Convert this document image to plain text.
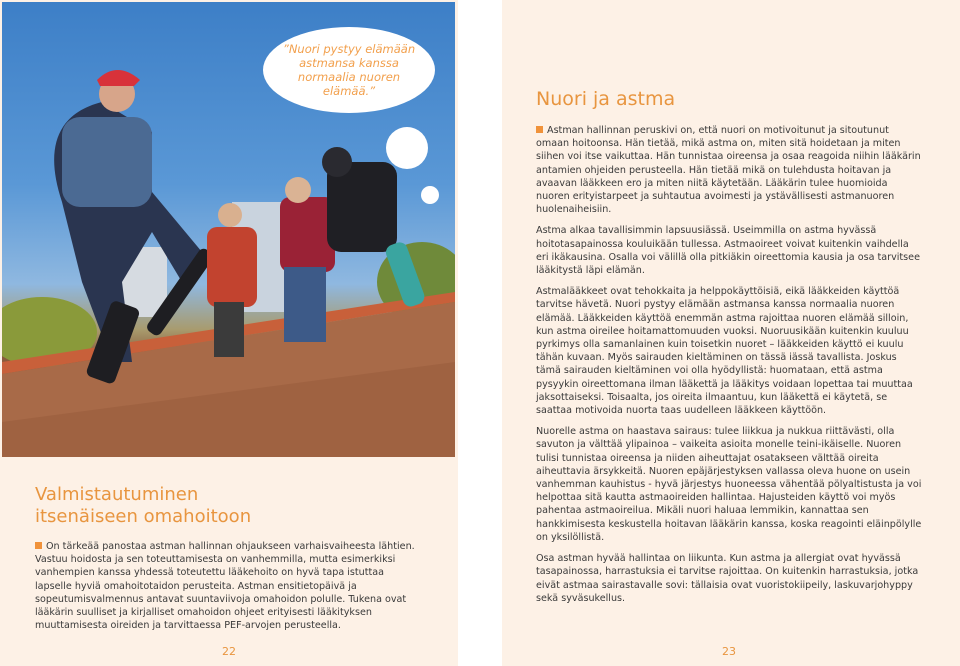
”Nuori pystyy elämään astmansa kanssa normaalia nuoren elämää.”
Valmistautuminen
itsenäiseen omahoitoon
On tärkeää panostaa astman hallinnan ohjaukseen varhaisvaiheesta lähtien. Vastuu hoidosta ja sen toteuttamisesta on vanhemmilla, mutta esimerkiksi vanhempien kanssa yhdessä toteutettu lääkehoito on hyvä tapa istuttaa lapselle hyviä omahoitotaidon perusteita. Astman ensitietopäivä ja sopeutumisvalmennus antavat suuntaviivoja omahoidon polulle. Tukena ovat lääkärin suulliset ja kirjalliset omahoidon ohjeet erityisesti lääkityksen muuttamisesta oireiden ja tarvittaessa PEF-arvojen perusteella.
22
Nuori ja astma

Astman hallinnan peruskivi on, että nuori on motivoitunut ja sitoutunut omaan hoitoonsa. Hän tietää, mikä astma on, miten sitä hoidetaan ja miten siihen voi itse vaikuttaa. Hän tunnistaa oireensa ja osaa reagoida niihin lääkärin antamien ohjeiden perusteella. Hän tietää mikä on tulehdusta hoitavan ja avaavan lääkkeen ero ja miten niitä käytetään. Lääkärin tulee huomioida nuoren erityistarpeet ja suhtautua avoimesti ja ystävällisesti astmanuoren huolenaiheisiin.

Astma alkaa tavallisimmin lapsuusiässä. Useimmilla on astma hyvässä hoitotasapainossa kouluikään tullessa. Astmaoireet voivat kuitenkin vaihdella eri ikäkausina. Osalla voi välillä olla pitkiäkin oireettomia kausia ja osa tarvitsee lääkitystä läpi elämän.

Astmalääkkeet ovat tehokkaita ja helppokäyttöisiä, eikä lääkkeiden käyttöä tarvitse hävetä. Nuori pystyy elämään astmansa kanssa normaalia nuoren elämää. Lääkkeiden käyttöä enemmän astma rajoittaa nuoren elämää silloin, kun astma oireilee hoitamattomuuden vuoksi. Nuoruusikään kuitenkin kuuluu pyrkimys olla samanlainen kuin toisetkin nuoret – lääkkeiden käyttö ei kuulu tähän kuvaan. Myös sairauden kieltäminen on tässä iässä tavallista. Joskus tämä sairauden kieltäminen voi olla hyödyllistä: huomataan, että astma pysyykin oireettomana ilman lääkettä ja lääkitys voidaan lopettaa tai muuttaa jaksottaiseksi. Toisaalta, jos oireita ilmaantuu, kun lääkettä ei käytetä, se saattaa motivoida nuorta taas uudelleen lääkkeen käyttöön.

Nuorelle astma on haastava sairaus: tulee liikkua ja nukkua riittävästi, olla savuton ja välttää ylipainoa – vaikeita asioita monelle teini-ikäiselle. Nuoren tulisi tunnistaa oireensa ja niiden aiheuttajat osatakseen välttää oireita aiheuttavia ärsykkeitä. Nuoren epäjärjestyksen vallassa oleva huone on usein vanhemman kauhistus - hyvä järjestys huoneessa vähentää pölyaltistusta ja voi helpottaa sitä kautta astmaoireiden hallintaa. Hajusteiden käyttö voi myös pahentaa astmaoireilua. Mikäli nuori haluaa lemmikin, kannattaa sen hankkimisesta keskustella hoitavan lääkärin kanssa, koska reagointi eläinpölylle on yksilöllistä.

Osa astman hyvää hallintaa on liikunta. Kun astma ja allergiat ovat hyvässä tasapainossa, harrastuksia ei tarvitse rajoittaa. On kuitenkin harrastuksia, jotka eivät astmaa sairastavalle sovi: tällaisia ovat vuoristokiipeily, laskuvarjohyppy sekä syväsukellus.

23
